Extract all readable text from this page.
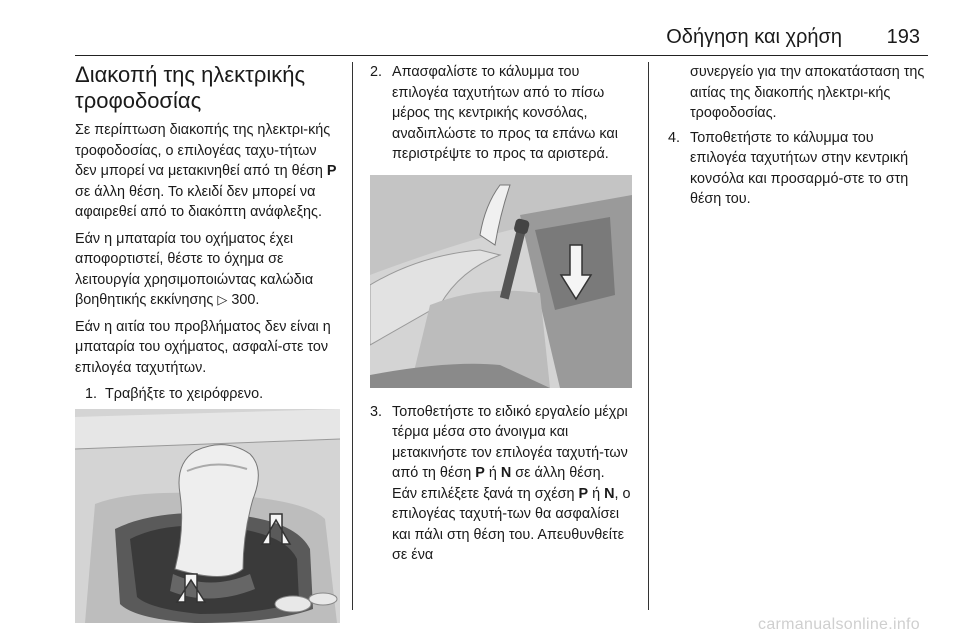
Οδήγηση και χρήση 193
Διακοπή της ηλεκτρικής τροφοδοσίας

Σε περίπτωση διακοπής της ηλεκτρι‐κής τροφοδοσίας, ο επιλογέας ταχυ‐τήτων δεν μπορεί να μετακινηθεί από τη θέση P σε άλλη θέση. Το κλειδί δεν μπορεί να αφαιρεθεί από το διακόπτη ανάφλεξης.

Εάν η μπαταρία του οχήματος έχει αποφορτιστεί, θέστε το όχημα σε λειτουργία χρησιμοποιώντας καλώδια βοηθητικής εκκίνησης ▷ 300.

Εάν η αιτία του προβλήματος δεν είναι η μπαταρία του οχήματος, ασφαλί‐στε τον επιλογέα ταχυτήτων.

1. Τραβήξτε το χειρόφρενο.
2. Απασφαλίστε το κάλυμμα του επιλογέα ταχυτήτων από το πίσω μέρος της κεντρικής κονσόλας, αναδιπλώστε το προς τα επάνω και περιστρέψτε το προς τα αριστερά.
3. Τοποθετήστε το ειδικό εργαλείο μέχρι τέρμα μέσα στο άνοιγμα και μετακινήστε τον επιλογέα ταχυτή‐των από τη θέση P ή N σε άλλη θέση. Εάν επιλέξετε ξανά τη σχέση P ή N, ο επιλογέας ταχυτή‐των θα ασφαλίσει και πάλι στη θέση του. Απευθυνθείτε σε ένα
συνεργείο για την αποκατάσταση της αιτίας της διακοπής ηλεκτρι‐κής τροφοδοσίας.
4. Τοποθετήστε το κάλυμμα του επιλογέα ταχυτήτων στην κεντρική κονσόλα και προσαρμό‐στε το στη θέση του.
carmanualsonline.info
